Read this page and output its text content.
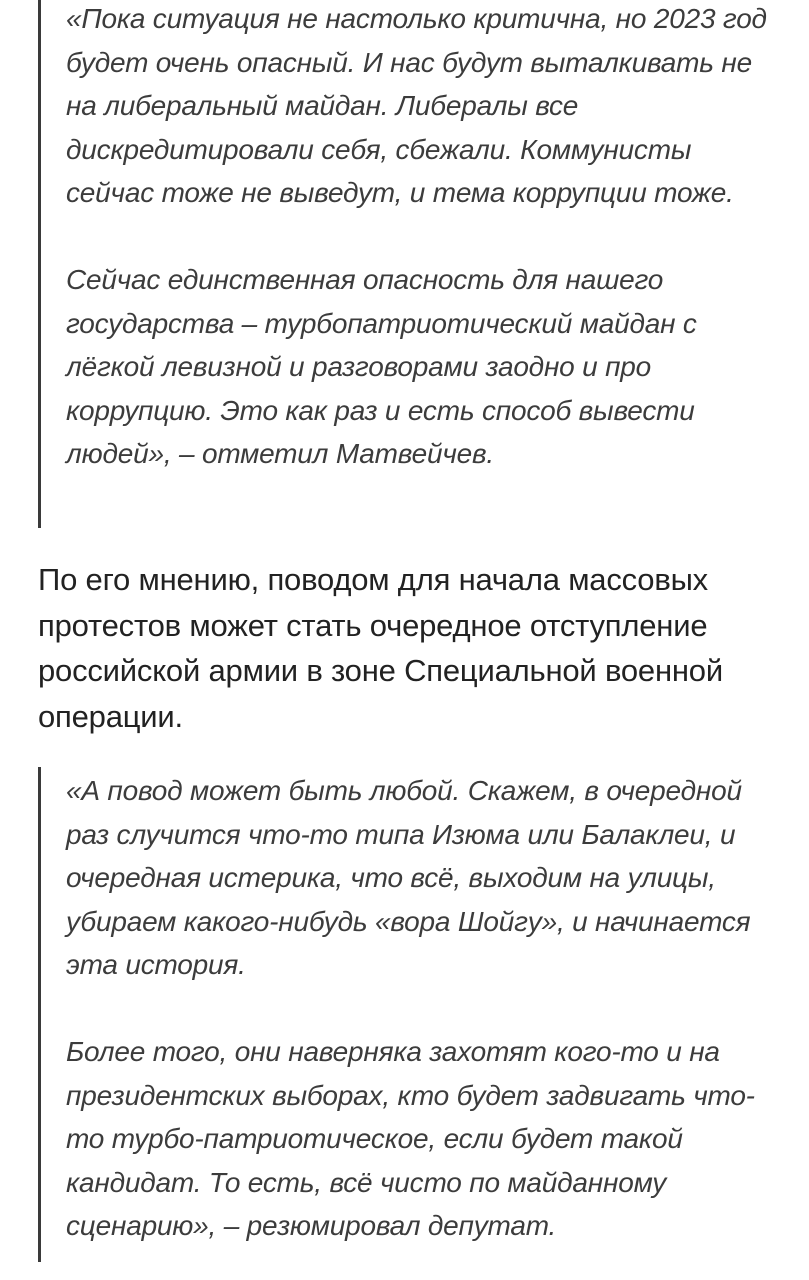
«Пока ситуация не настолько критична, но 2023 год будет очень опасный. И нас будут выталкивать не на либеральный майдан. Либералы все дискредитировали себя, сбежали. Коммунисты сейчас тоже не выведут, и тема коррупции тоже.

Сейчас единственная опасность для нашего государства – турбопатриотический майдан с лёгкой левизной и разговорами заодно и про коррупцию. Это как раз и есть способ вывести людей», – отметил Матвейчев.

По его мнению, поводом для начала массовых протестов может стать очередное отступление российской армии в зоне Специальной военной операции.

«А повод может быть любой. Скажем, в очередной раз случится что-то типа Изюма или Балаклеи, и очередная истерика, что всё, выходим на улицы, убираем какого-нибудь «вора Шойгу», и начинается эта история.

Более того, они наверняка захотят кого-то и на президентских выборах, кто будет задвигать что-то турбо-патриотическое, если будет такой кандидат. То есть, всё чисто по майданному сценарию», – резюмировал депутат.
